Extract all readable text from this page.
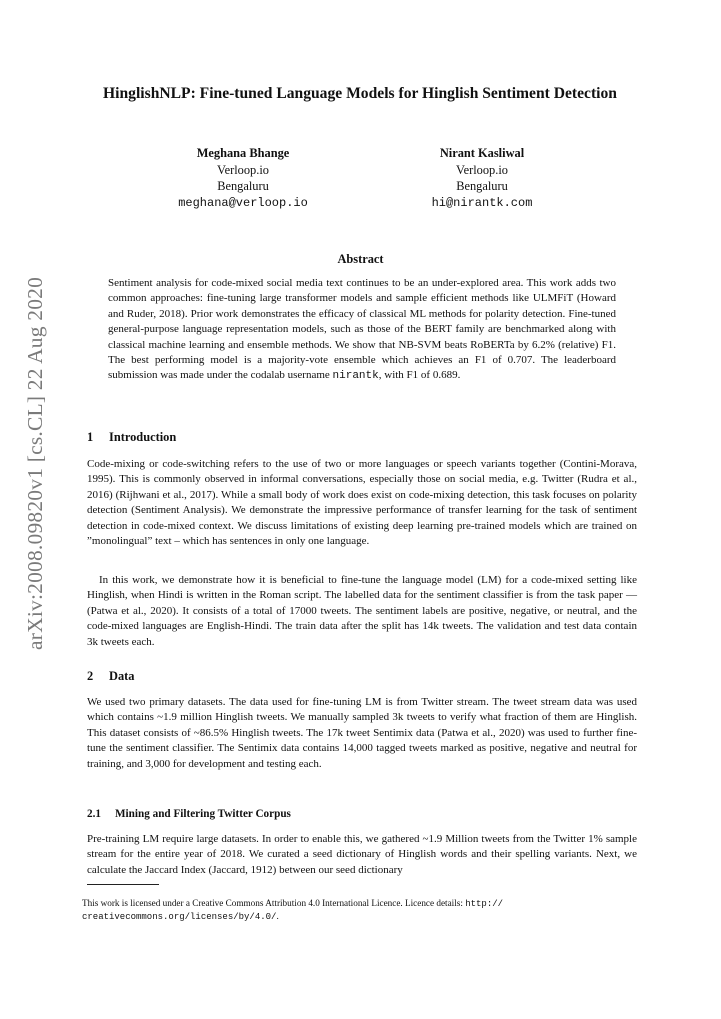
arXiv:2008.09820v1 [cs.CL] 22 Aug 2020
HinglishNLP: Fine-tuned Language Models for Hinglish Sentiment Detection
Meghana Bhange
Verloop.io
Bengaluru
meghana@verloop.io
Nirant Kasliwal
Verloop.io
Bengaluru
hi@nirantk.com
Abstract

Sentiment analysis for code-mixed social media text continues to be an under-explored area. This work adds two common approaches: fine-tuning large transformer models and sample efficient methods like ULMFiT (Howard and Ruder, 2018). Prior work demonstrates the efficacy of classical ML methods for polarity detection. Fine-tuned general-purpose language representation models, such as those of the BERT family are benchmarked along with classical machine learning and ensemble methods. We show that NB-SVM beats RoBERTa by 6.2% (relative) F1. The best performing model is a majority-vote ensemble which achieves an F1 of 0.707. The leaderboard submission was made under the codalab username nirantk, with F1 of 0.689.

1 Introduction

Code-mixing or code-switching refers to the use of two or more languages or speech variants together (Contini-Morava, 1995). This is commonly observed in informal conversations, especially those on social media, e.g. Twitter (Rudra et al., 2016) (Rijhwani et al., 2017). While a small body of work does exist on code-mixing detection, this task focuses on polarity detection (Sentiment Analysis). We demonstrate the impressive performance of transfer learning for the task of sentiment detection in code-mixed context. We discuss limitations of existing deep learning pre-trained models which are trained on ”monolingual” text – which has sentences in only one language.

In this work, we demonstrate how it is beneficial to fine-tune the language model (LM) for a code-mixed setting like Hinglish, when Hindi is written in the Roman script. The labelled data for the sentiment classifier is from the task paper — (Patwa et al., 2020). It consists of a total of 17000 tweets. The sentiment labels are positive, negative, or neutral, and the code-mixed languages are English-Hindi. The train data after the split has 14k tweets. The validation and test data contain 3k tweets each.

2 Data

We used two primary datasets. The data used for fine-tuning LM is from Twitter stream. The tweet stream data was used which contains ~1.9 million Hinglish tweets. We manually sampled 3k tweets to verify what fraction of them are Hinglish. This dataset consists of ~86.5% Hinglish tweets. The 17k tweet Sentimix data (Patwa et al., 2020) was used to further fine-tune the sentiment classifier. The Sentimix data contains 14,000 tagged tweets marked as positive, negative and neutral for training, and 3,000 for development and testing each.

2.1 Mining and Filtering Twitter Corpus

Pre-training LM require large datasets. In order to enable this, we gathered ~1.9 Million tweets from the Twitter 1% sample stream for the entire year of 2018. We curated a seed dictionary of Hinglish words and their spelling variants. Next, we calculate the Jaccard Index (Jaccard, 1912) between our seed dictionary

This work is licensed under a Creative Commons Attribution 4.0 International Licence. Licence details: http://
creativecommons.org/licenses/by/4.0/.
